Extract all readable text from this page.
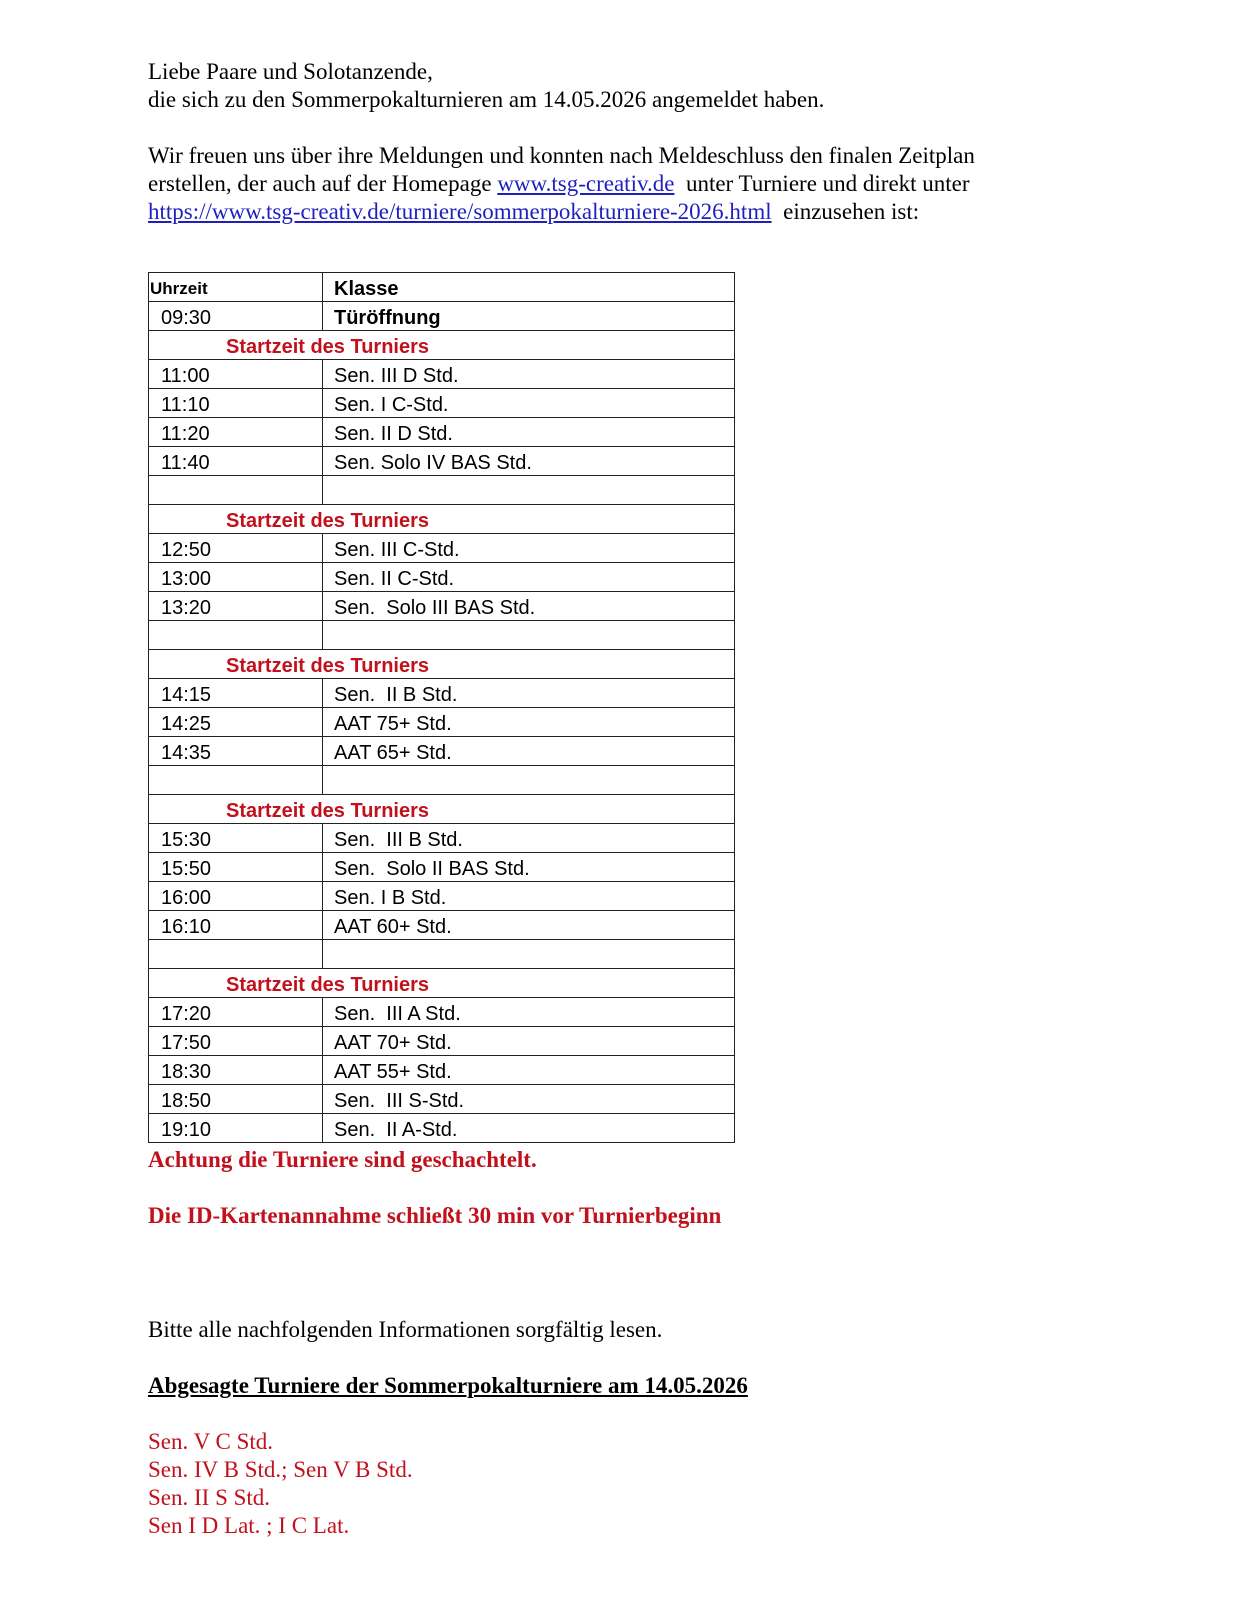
Liebe Paare und Solotanzende,
die sich zu den Sommerpokalturnieren am 14.05.2026 angemeldet haben.
Wir freuen uns über ihre Meldungen und konnten nach Meldeschluss den finalen Zeitplan
erstellen, der auch auf der Homepage www.tsg-creativ.de  unter Turniere und direkt unter
https://www.tsg-creativ.de/turniere/sommerpokalturniere-2026.html  einzusehen ist:
Uhrzeit	Klasse
09:30	Türöffnung
Startzeit des Turniers	
11:00	Sen. III D Std.
11:10	Sen. I C-Std.
11:20	Sen. II D Std.
11:40	Sen. Solo IV BAS Std.

Startzeit des Turniers	
12:50	Sen. III C-Std.
13:00	Sen. II C-Std.
13:20	Sen.  Solo III BAS Std.

Startzeit des Turniers	
14:15	Sen.  II B Std.
14:25	AAT 75+ Std.
14:35	AAT 65+ Std.

Startzeit des Turniers	
15:30	Sen.  III B Std.
15:50	Sen.  Solo II BAS Std.
16:00	Sen. I B Std.
16:10	AAT 60+ Std.

Startzeit des Turniers	
17:20	Sen.  III A Std.
17:50	AAT 70+ Std.
18:30	AAT 55+ Std.
18:50	Sen.  III S-Std.
19:10	Sen.  II A-Std.
Achtung die Turniere sind geschachtelt.
Die ID-Kartenannahme schließt 30 min vor Turnierbeginn
Bitte alle nachfolgenden Informationen sorgfältig lesen.
Abgesagte Turniere der Sommerpokalturniere am 14.05.2026
Sen. V C Std.
Sen. IV B Std.; Sen V B Std.
Sen. II S Std.
Sen I D Lat. ; I C Lat.
